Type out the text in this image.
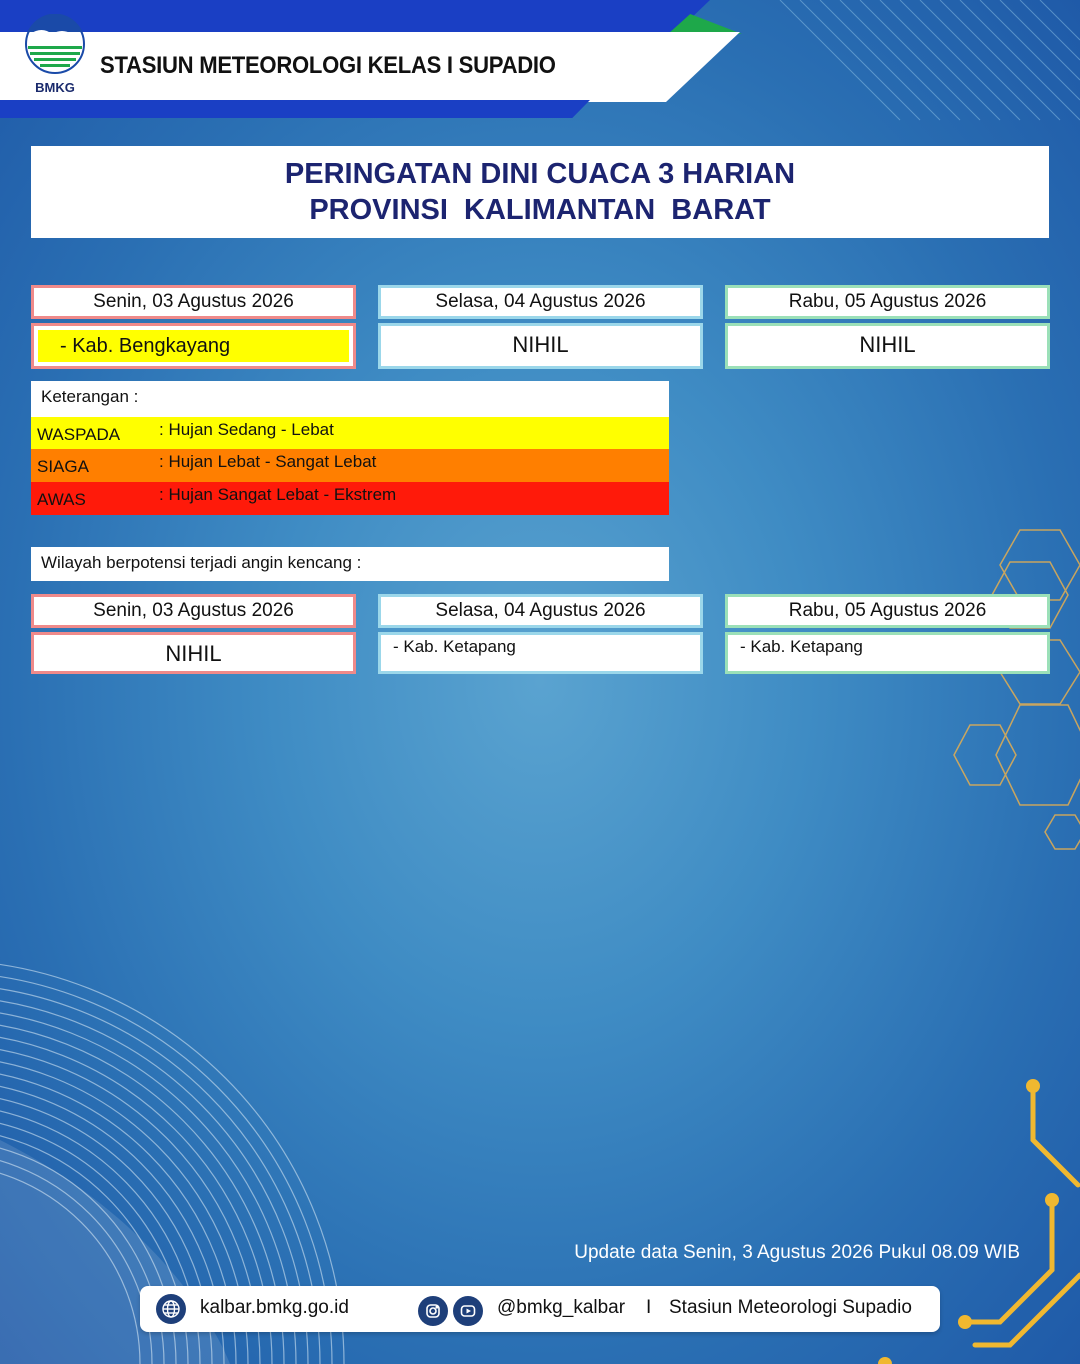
BMKG
STASIUN METEOROLOGI KELAS I SUPADIO
PERINGATAN DINI CUACA 3 HARIAN
PROVINSI  KALIMANTAN  BARAT
Senin, 03 Agustus 2026	Selasa, 04 Agustus 2026	Rabu, 05 Agustus 2026
- Kab. Bengkayang	NIHIL	NIHIL
Keterangan :
WASPADA : Hujan Sedang - Lebat
SIAGA	: Hujan Lebat - Sangat Lebat
AWAS	: Hujan Sangat Lebat - Ekstrem
Wilayah berpotensi terjadi angin kencang :
Senin, 03 Agustus 2026	Selasa, 04 Agustus 2026	Rabu, 05 Agustus 2026
NIHIL	- Kab. Ketapang	- Kab. Ketapang
Update data Senin, 3 Agustus 2026 Pukul 08.09 WIB
kalbar.bmkg.go.id	@bmkg_kalbar I Stasiun Meteorologi Supadio
